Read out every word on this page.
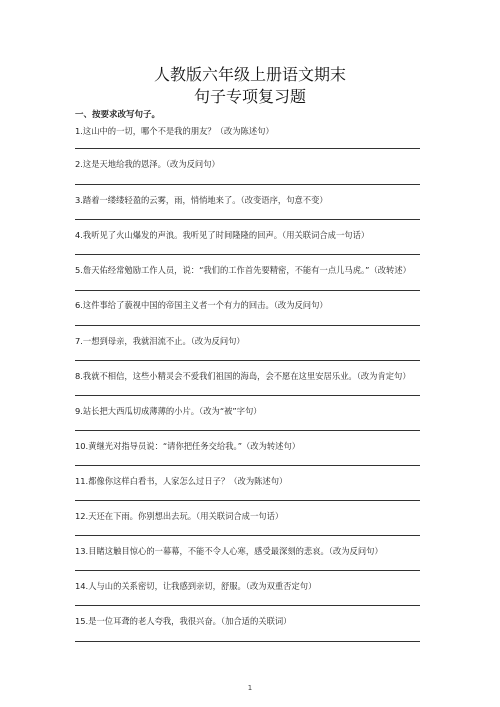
人教版六年级上册语文期末
句子专项复习题
一、按要求改写句子。
1.这山中的一切，哪个不是我的朋友？（改为陈述句）
2.这是天地给我的恩泽。（改为反问句）
3.踏着一缕缕轻盈的云雾，雨，悄悄地来了。（改变语序，句意不变）
4.我听见了火山爆发的声浪。我听见了时间隆隆的回声。（用关联词合成一句话）
5.詹天佑经常勉励工作人员，说：“我们的工作首先要精密，不能有一点儿马虎。”（改转述）
6.这件事给了藐视中国的帝国主义者一个有力的回击。（改为反问句）
7.一想到母亲，我就泪流不止。（改为反问句）
8.我就不相信，这些小精灵会不爱我们祖国的海岛，会不愿在这里安居乐业。（改为肯定句）
9.站长把大西瓜切成薄薄的小片。（改为“被”字句）
10.黄继光对指导员说：“请你把任务交给我。”（改为转述句）
11.都像你这样白看书，人家怎么过日子？（改为陈述句）
12.天还在下雨。你别想出去玩。（用关联词合成一句话）
13.目睹这触目惊心的一幕幕，不能不令人心寒，感受最深刻的悲哀。（改为反问句）
14.人与山的关系密切，让我感到亲切，舒服。（改为双重否定句）
15.是一位耳聋的老人夸我，我很兴奋。（加合适的关联词）
1
